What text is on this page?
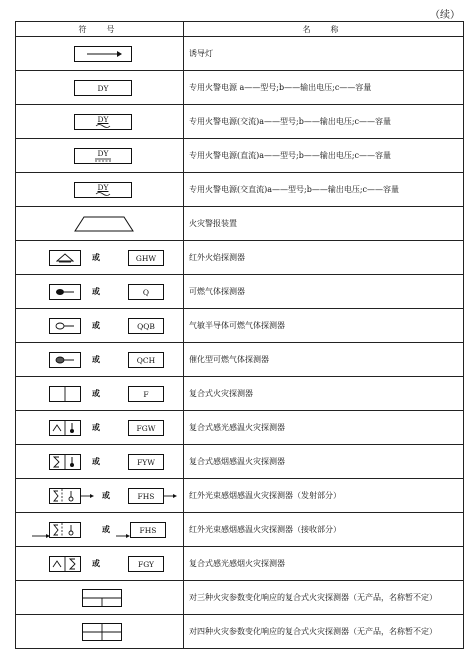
（续）
符　号	名　称

	诱导灯

DY	专用火警电源 a——型号;b——输出电压;c——容量

DY	专用火警电源(交流)a——型号;b——输出电压;c——容量

DY	专用火警电源(直流)a——型号;b——输出电压;c——容量

DY	专用火警电源(交直流)a——型号;b——输出电压;c——容量

	火灾警报装置

或 GHW	红外火焰探测器

或 Q	可燃气体探测器

或 QQB	气敏半导体可燃气体探测器

或 QCH	催化型可燃气体探测器

或 F	复合式火灾探测器

或 FGW	复合式感光感温火灾探测器

或 FYW	复合式感烟感温火灾探测器

或 FHS	红外光束感烟感温火灾探测器（发射部分）

或 FHS	红外光束感烟感温火灾探测器（接收部分）

或 FGY	复合式感光感烟火灾探测器

	对三种火灾参数变化响应的复合式火灾探测器（无产品，名称暂不定）

	对四种火灾参数变化响应的复合式火灾探测器（无产品，名称暂不定）
